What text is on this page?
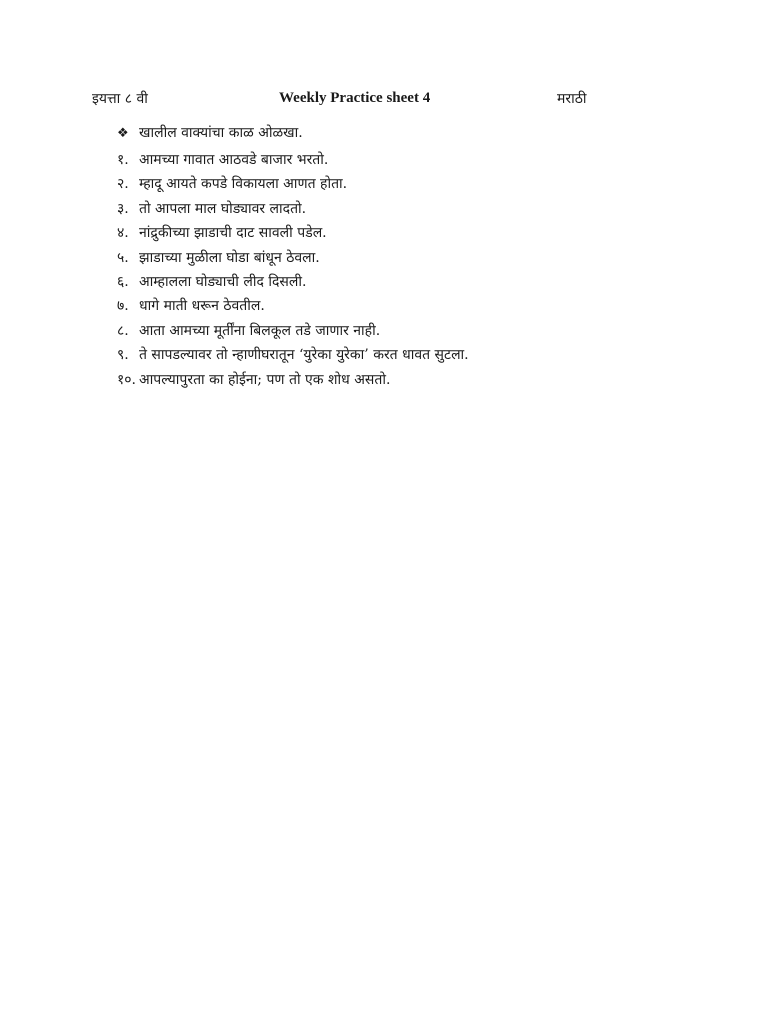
इयत्ता ८ वी	Weekly Practice sheet 4	मराठी
❖ खालील वाक्यांचा काळ ओळखा.
१. आमच्या गावात आठवडे बाजार भरतो.
२. म्हादू आयते कपडे विकायला आणत होता.
३. तो आपला माल घोड्यावर लादतो.
४. नांद्रुकीच्या झाडाची दाट सावली पडेल.
५. झाडाच्या मुळीला घोडा बांधून ठेवला.
६. आम्हालला घोड्याची लीद दिसली.
७. धागे माती धरून ठेवतील.
८. आता आमच्या मूर्तींना बिलकूल तडे जाणार नाही.
९. ते सापडल्यावर तो न्हाणीघरातून ‘युरेका युरेका’ करत धावत सुटला.
१०. आपल्यापुरता का होईना; पण तो एक शोध असतो.
